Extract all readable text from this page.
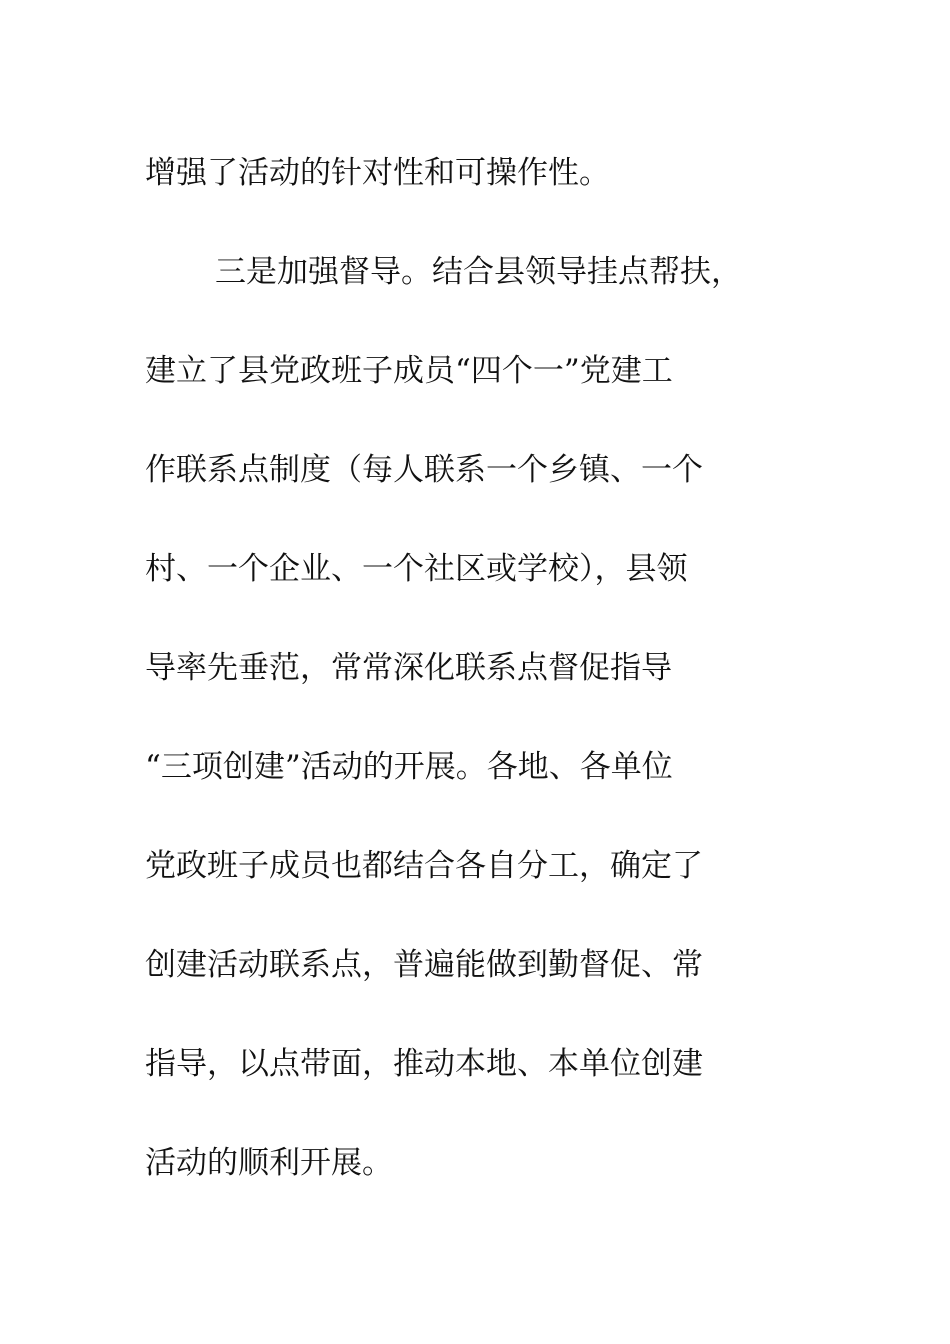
增强了活动的针对性和可操作性。
三是加强督导。结合县领导挂点帮扶，
建立了县党政班子成员“四个一”党建工
作联系点制度（每人联系一个乡镇、一个
村、一个企业、一个社区或学校），县领
导率先垂范，常常深化联系点督促指导
“三项创建”活动的开展。各地、各单位
党政班子成员也都结合各自分工，确定了
创建活动联系点，普遍能做到勤督促、常
指导，以点带面，推动本地、本单位创建
活动的顺利开展。
